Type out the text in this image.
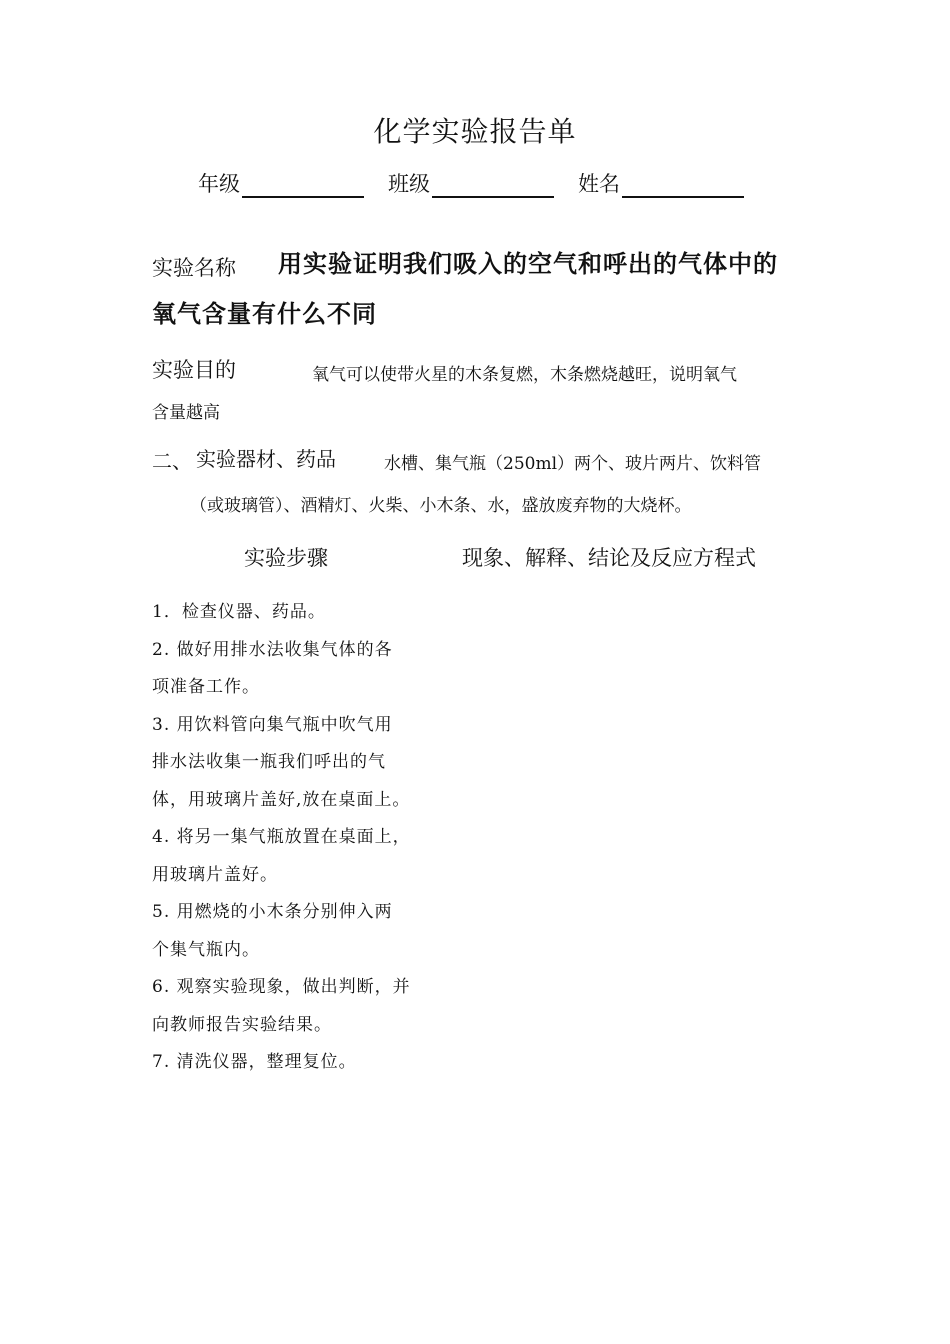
化学实验报告单
年级	班级	姓名
实验名称 用实验证明我们吸入的空气和呼出的气体中的
氧气含量有什么不同
实验目的	氧气可以使带火星的木条复燃，木条燃烧越旺，说明氧气
含量越高
二、 实验器材、药品	水槽、集气瓶（250ml）两个、玻片两片、饮料管
（或玻璃管）、酒精灯、火柴、小木条、水，盛放废弃物的大烧杯。
实验步骤	现象、解释、结论及反应方程式
1．检查仪器、药品。
2. 做好用排水法收集气体的各
项准备工作。
3. 用饮料管向集气瓶中吹气用
排水法收集一瓶我们呼出的气
体，用玻璃片盖好,放在桌面上。
4. 将另一集气瓶放置在桌面上，
用玻璃片盖好。
5. 用燃烧的小木条分别伸入两
个集气瓶内。
6. 观察实验现象，做出判断，并
向教师报告实验结果。
7. 清洗仪器，整理复位。
